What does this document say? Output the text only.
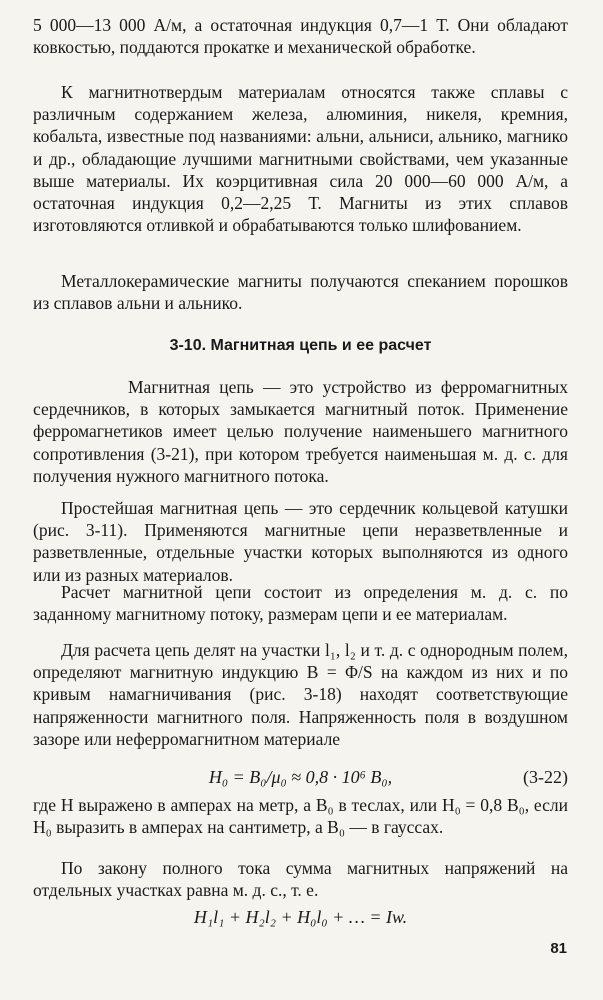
5 000—13 000 А/м, а остаточная индукция 0,7—1 Т. Они обладают ковкостью, поддаются прокатке и механической обработке.

К магнитнотвердым материалам относятся также сплавы с различным содержанием железа, алюминия, никеля, кремния, кобальта, известные под названиями: альни, альниси, альнико, магнико и др., обладающие лучшими магнитными свойствами, чем указанные выше материалы. Их коэрцитивная сила 20 000—60 000 А/м, а остаточная индукция 0,2—2,25 Т. Магниты из этих сплавов изготовляются отливкой и обрабатываются только шлифованием.

Металлокерамические магниты получаются спеканием порошков из сплавов альни и альнико.

3-10. Магнитная цепь и ее расчет

Магнитная цепь — это устройство из ферромагнитных сердечников, в которых замыкается магнитный поток. Применение ферромагнетиков имеет целью получение наименьшего магнитного сопротивления (3-21), при котором требуется наименьшая м. д. с. для получения нужного магнитного потока.

Простейшая магнитная цепь — это сердечник кольцевой катушки (рис. 3-11). Применяются магнитные цепи неразветвленные и разветвленные, отдельные участки которых выполняются из одного или из разных материалов.

Расчет магнитной цепи состоит из определения м. д. с. по заданному магнитному потоку, размерам цепи и ее материалам.

Для расчета цепь делят на участки l₁, l₂ и т. д. с однородным полем, определяют магнитную индукцию B = Φ/S на каждом из них и по кривым намагничивания (рис. 3-18) находят соответствующие напряженности магнитного поля. Напряженность поля в воздушном зазоре или неферромагнитном материале

H₀ = B₀/μ₀ ≈ 0,8 · 10⁶ B₀,	(3-22)

где H выражено в амперах на метр, а B₀ в теслах, или H₀ = 0,8 B₀, если H₀ выразить в амперах на сантиметр, а B₀ — в гауссах.

По закону полного тока сумма магнитных напряжений на отдельных участках равна м. д. с., т. е.

H₁l₁ + H₂l₂ + H₀l₀ + … = Iw.
81
